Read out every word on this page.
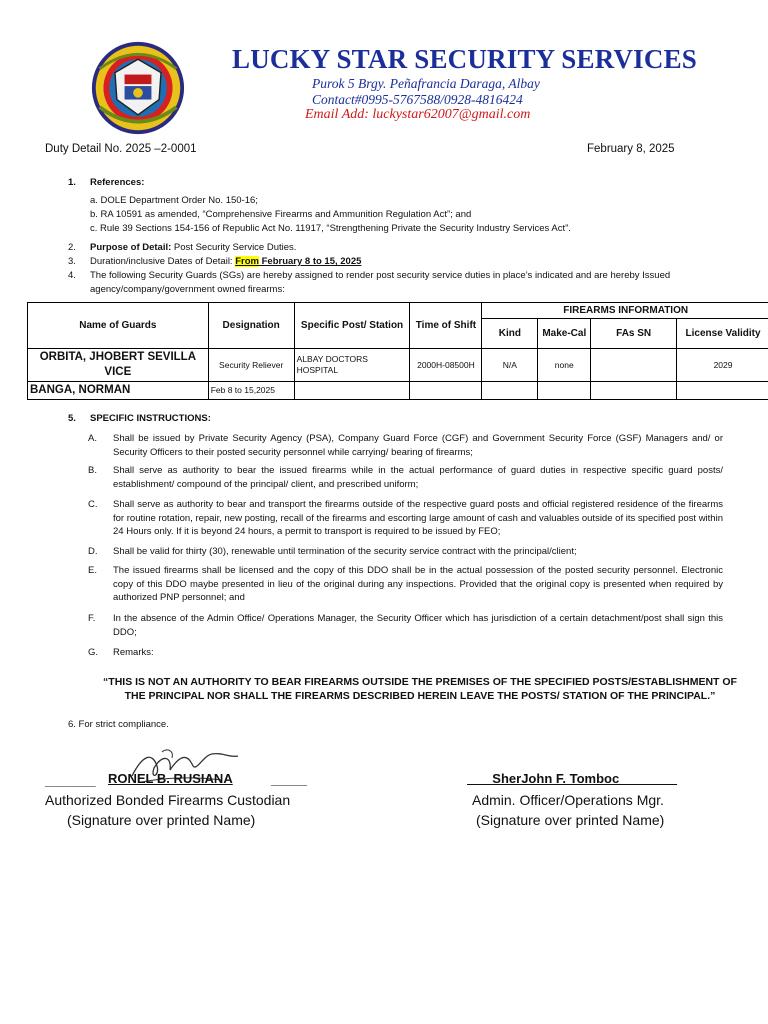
LUCKY STAR SECURITY SERVICES
Purok 5 Brgy. Peñafrancia Daraga, Albay
Contact#0995-5767588/0928-4816424
Email Add: luckystar62007@gmail.com
Duty Detail No. 2025 –2-0001	February 8, 2025
1. References:
a. DOLE Department Order No. 150-16;
b. RA 10591 as amended, “Comprehensive Firearms and Ammunition Regulation Act”; and
c. Rule 39 Sections 154-156 of Republic Act No. 11917, “Strengthening Private the Security Industry Services Act”.
2. Purpose of Detail: Post Security Service Duties.
3. Duration/inclusive Dates of Detail: From February 8 to 15, 2025
4. The following Security Guards (SGs) are hereby assigned to render post security service duties in place’s indicated and are hereby Issued
agency/company/government owned firearms:
Name of Guards	Designation	Specific Post/ Station	Time of Shift	FIREARMS INFORMATION			
				Kind	Make-Cal	FAs SN	License Validity
ORBITA, JHOBERT SEVILLA VICE	Security Reliever	ALBAY DOCTORS HOSPITAL	2000H-08500H	N/A	none		2029
BANGA, NORMAN	Feb 8 to 15,2025						
5. SPECIFIC INSTRUCTIONS:
A. Shall be issued by Private Security Agency (PSA), Company Guard Force (CGF) and Government Security Force (GSF) Managers and/ or Security Officers to their posted security personnel while carrying/ bearing of firearms;
B. Shall serve as authority to bear the issued firearms while in the actual performance of guard duties in respective specific guard posts/ establishment/ compound of the principal/ client, and prescribed uniform;
C. Shall serve as authority to bear and transport the firearms outside of the respective guard posts and official registered residence of the firearms for routine rotation, repair, new posting, recall of the firearms and escorting large amount of cash and valuables outside of its specified post within 24 Hours only. If it is beyond 24 hours, a permit to transport is required to be issued by FEO;
D. Shall be valid for thirty (30), renewable until termination of the security service contract with the principal/client;
E. The issued firearms shall be licensed and the copy of this DDO shall be in the actual possession of the posted security personnel. Electronic copy of this DDO maybe presented in lieu of the original during any inspections. Provided that the original copy is presented when required by authorized PNP personnel; and
F. In the absence of the Admin Office/ Operations Manager, the Security Officer which has jurisdiction of a certain detachment/post shall sign this DDO;
G. Remarks:
“THIS IS NOT AN AUTHORITY TO BEAR FIREARMS OUTSIDE THE PREMISES OF THE SPECIFIED POSTS/ESTABLISHMENT OF THE PRINCIPAL NOR SHALL THE FIREARMS DESCRIBED HEREIN LEAVE THE POSTS/ STATION OF THE PRINCIPAL.”
6. For strict compliance.
_______ RONEL B. RUSIANA	_____
Authorized Bonded Firearms Custodian
(Signature over printed Name)
___SherJohn F. Tomboc________
Admin. Officer/Operations Mgr.
(Signature over printed Name)
